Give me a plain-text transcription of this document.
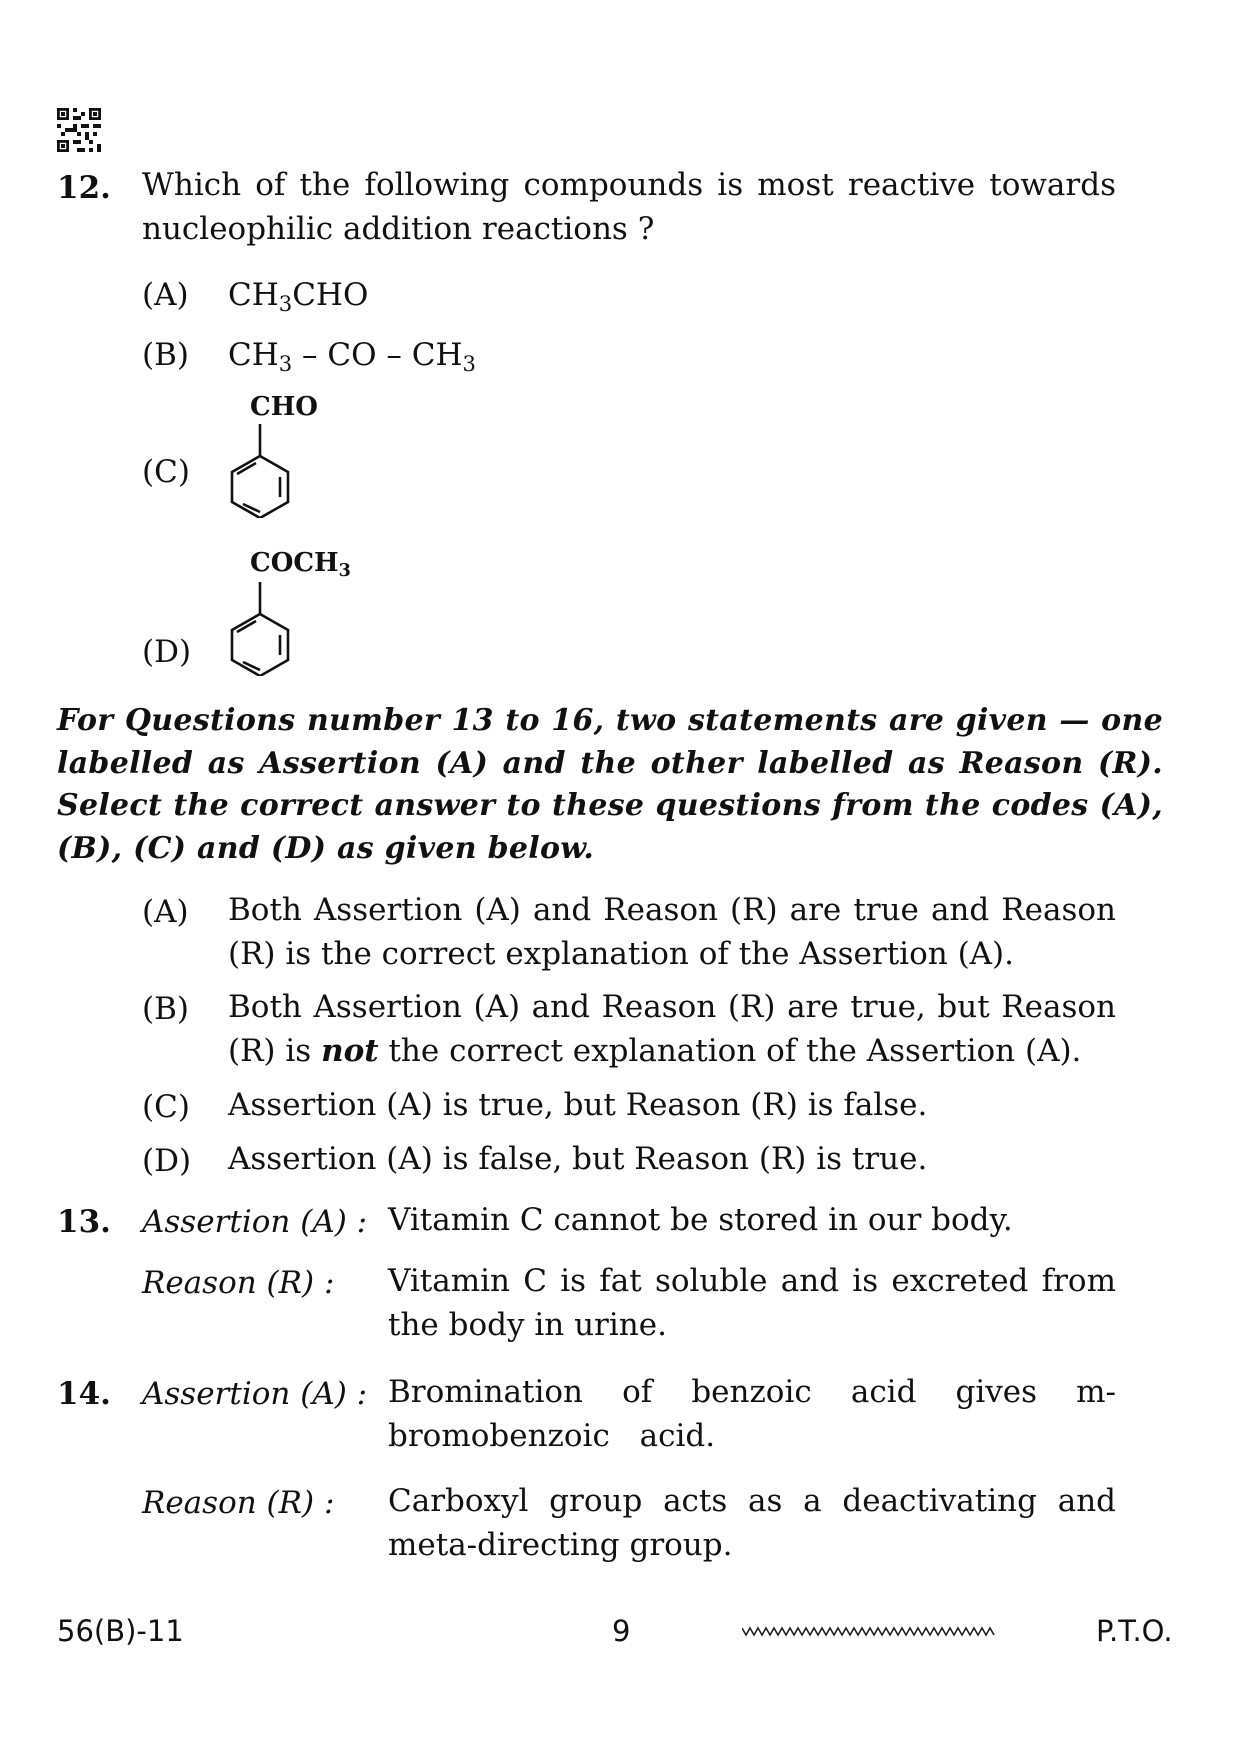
12. Which of the following compounds is most reactive towards nucleophilic addition reactions ?
(A) $CH_3CHO$
(B) $CH_3$ – CO – $CH_3$
(C)
CHO
(D)
$COCH_3$
For Questions number 13 to 16, two statements are given — one labelled as Assertion (A) and the other labelled as Reason (R). Select the correct answer to these questions from the codes (A), (B), (C) and (D) as given below.
(A) Both Assertion (A) and Reason (R) are true and Reason (R) is the correct explanation of the Assertion (A).
(B) Both Assertion (A) and Reason (R) are true, but Reason (R) is not the correct explanation of the Assertion (A).
(C) Assertion (A) is true, but Reason (R) is false.
(D) Assertion (A) is false, but Reason (R) is true.
13. Assertion (A) : Vitamin C cannot be stored in our body.
Reason (R) : Vitamin C is fat soluble and is excreted from the body in urine.
14. Assertion (A) : Bromination of benzoic acid gives m-bromobenzoic acid.
Reason (R) : Carboxyl group acts as a deactivating and meta-directing group.
56(B)-11	9	P.T.O.
